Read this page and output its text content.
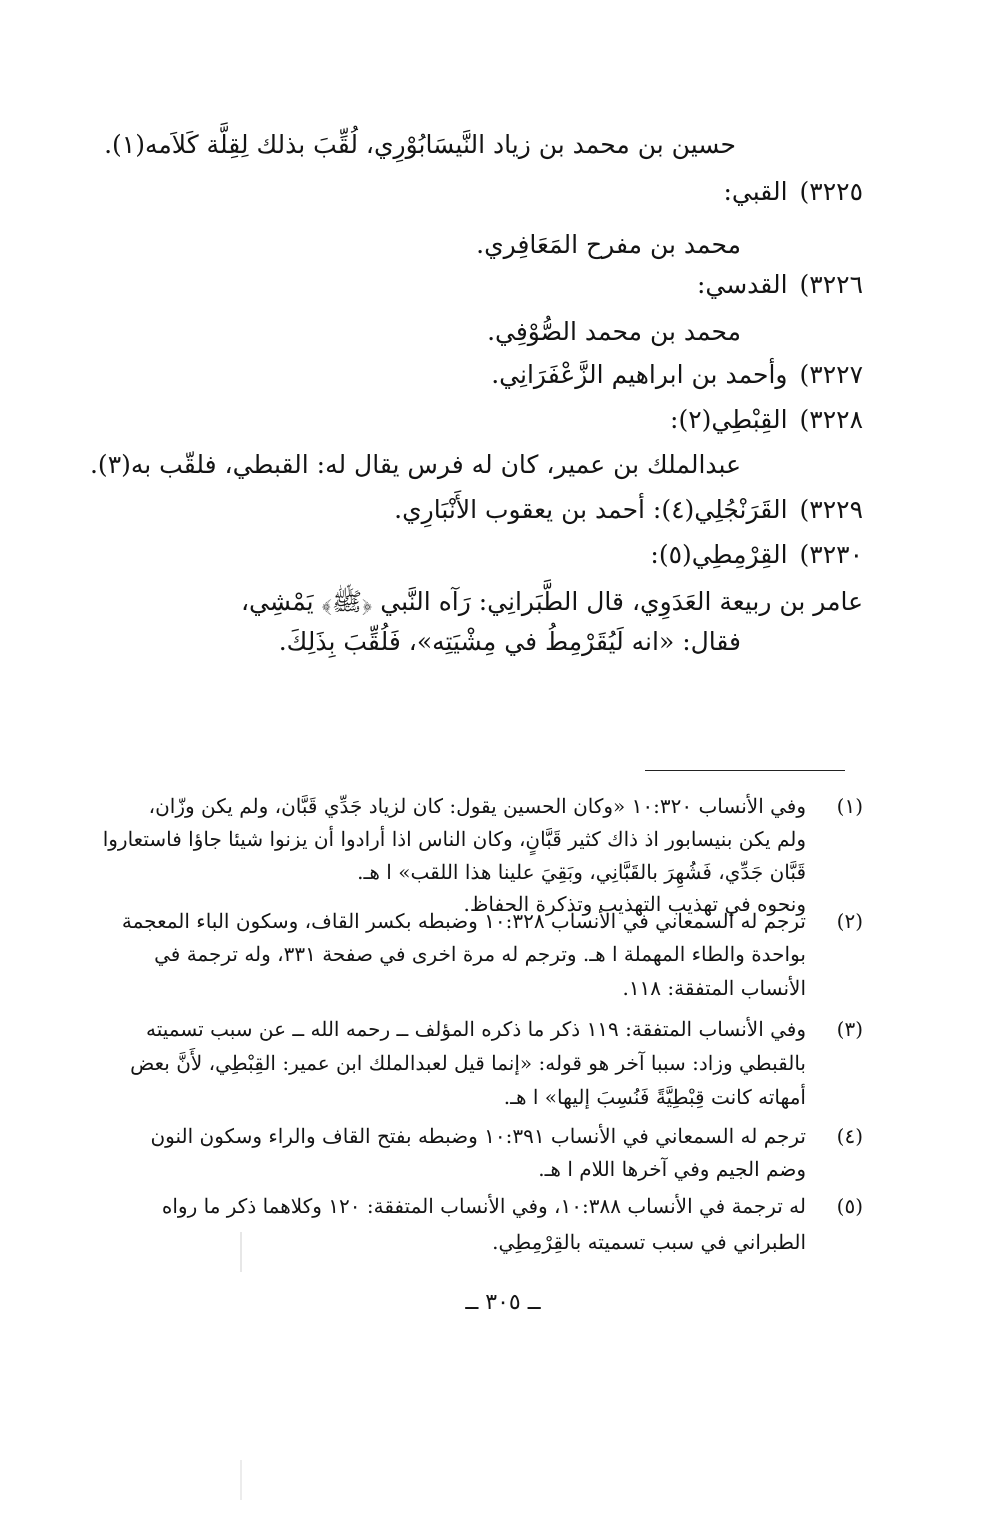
حسين بن محمد بن زياد النَّيسَابُوْرِي، لُقِّبَ بذلك لِقِلَّة كَلاَمه(١).
٣٢٢٥)القبي:
محمد بن مفرح المَعَافِري.
٣٢٢٦)القدسي:
محمد بن محمد الصُّوْفِي.
٣٢٢٧)وأحمد بن ابراهيم الزَّعْفَرَانِي.
٣٢٢٨)القِبْطِي(٢):
عبدالملك بن عمير، كان له فرس يقال له: القبطي، فلقّب به(٣).
٣٢٢٩)القَرَنْجُلِي(٤): أحمد بن يعقوب الأَنْبَارِي.
٣٢٣٠)القِرْمِطِي(٥):
عامر بن ربيعة العَدَوِي، قال الطَّبَرانِي: رَآه النَّبي ﴿ﷺ﴾ يَمْشِي،
فقال: «انه لَيُقَرْمِطُ في مِشْيَتِه»، فَلُقِّبَ بِذَلِكَ.
(١)
وفي الأنساب ١٠:٣٢٠ «وكان الحسين يقول: كان لزياد جَدِّي قَبَّان، ولم يكن وزّان،
ولم يكن بنيسابور اذ ذاك كثير قَبَّانٍ، وكان الناس اذا أرادوا أن يزنوا شيئا جاؤا فاستعاروا
قَبَّان جَدِّي، فَشُهِرَ بالقَبَّانِي، وبَقِيَ علينا هذا اللقب» ا هـ.
ونحوه في تهذيب التهذيب وتذكرة الحفاظ.
(٢)
ترجم له السمعاني في الأنساب ١٠:٣٢٨ وضبطه بكسر القاف، وسكون الباء المعجمة
بواحدة والطاء المهملة ا هـ. وترجم له مرة اخرى في صفحة ٣٣١، وله ترجمة في
الأنساب المتفقة: ١١٨.
(٣)
وفي الأنساب المتفقة: ١١٩ ذكر ما ذكره المؤلف ــ رحمه الله ــ عن سبب تسميته
بالقبطي وزاد: سببا آخر هو قوله: «إنما قيل لعبدالملك ابن عمير: القِبْطِي، لأَنَّ بعض
أمهاته كانت قِبْطِيَّةً فَنُسِبَ إليها» ا هـ.
(٤)
ترجم له السمعاني في الأنساب ١٠:٣٩١ وضبطه بفتح القاف والراء وسكون النون
وضم الجيم وفي آخرها اللام ا هـ.
(٥)
له ترجمة في الأنساب ١٠:٣٨٨، وفي الأنساب المتفقة: ١٢٠ وكلاهما ذكر ما رواه
الطبراني في سبب تسميته بالقِرْمِطِي.
ــ ٣٠٥ ــ
